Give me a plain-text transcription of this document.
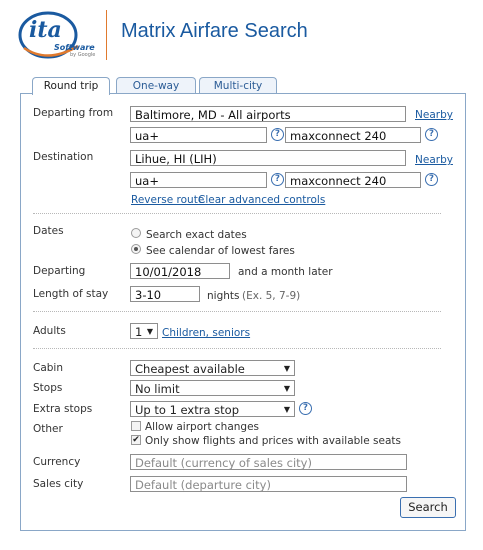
ita
Software
by Google
Matrix Airfare Search
Round trip	One-way	Multi-city
Departing from	Baltimore, MD - All airports	Nearby
ua+	? maxconnect 240	?
Destination	Lihue, HI (LIH)	Nearby
ua+	? maxconnect 240	?
Reverse route
Clear advanced controls
Dates	Search exact dates
See calendar of lowest fares
Departing	10/01/2018	and a month later
Length of stay	3-10	nights (Ex. 5, 7-9)
Adults	1 ▼ Children, seniors
Cabin	Cheapest available	▼
Stops	No limit	▼
Extra stops	Up to 1 extra stop	▼	?
Other	Allow airport changes
✔ Only show flights and prices with available seats
Currency	Default (currency of sales city)
Sales city	Default (departure city)
Search
